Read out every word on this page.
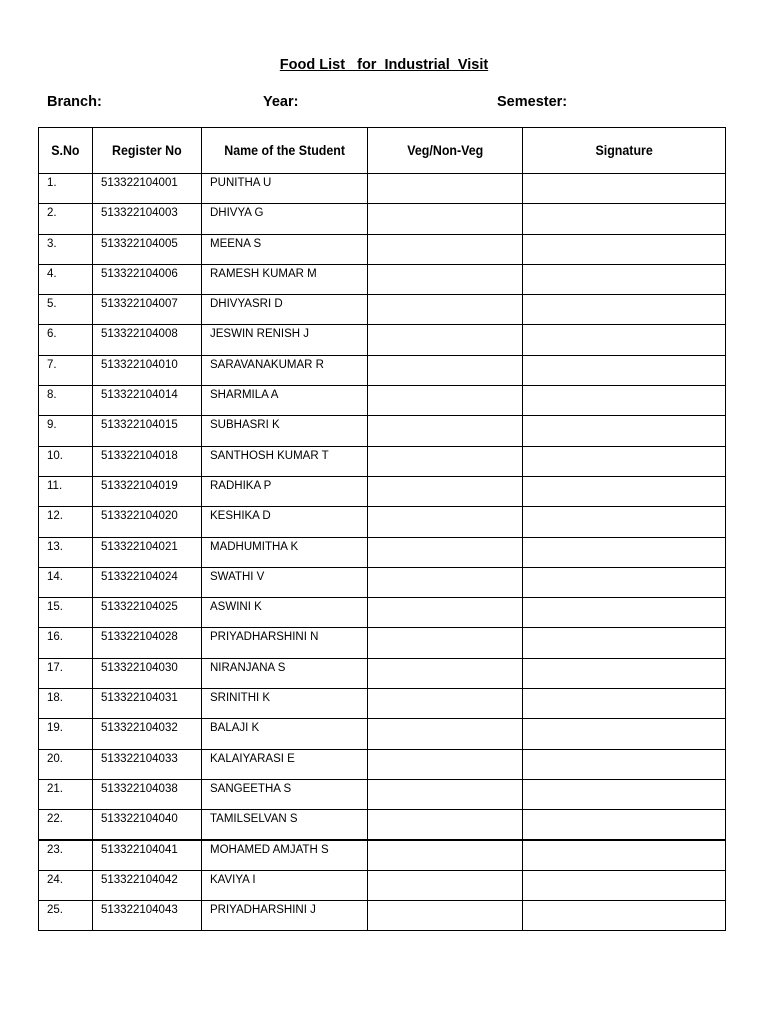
Food List   for  Industrial  Visit
Branch:	Year:	Semester:
S.No	Register No	Name of the Student	Veg/Non-Veg	Signature
1.	513322104001	PUNITHA U		
2.	513322104003	DHIVYA G		
3.	513322104005	MEENA S		
4.	513322104006	RAMESH KUMAR M		
5.	513322104007	DHIVYASRI D		
6.	513322104008	JESWIN RENISH J		
7.	513322104010	SARAVANAKUMAR R		
8.	513322104014	SHARMILA A		
9.	513322104015	SUBHASRI K		
10.	513322104018	SANTHOSH KUMAR T		
11.	513322104019	RADHIKA P		
12.	513322104020	KESHIKA D		
13.	513322104021	MADHUMITHA K		
14.	513322104024	SWATHI V		
15.	513322104025	ASWINI K		
16.	513322104028	PRIYADHARSHINI N		
17.	513322104030	NIRANJANA S		
18.	513322104031	SRINITHI K		
19.	513322104032	BALAJI K		
20.	513322104033	KALAIYARASI E		
21.	513322104038	SANGEETHA S		
22.	513322104040	TAMILSELVAN S		
23.	513322104041	MOHAMED AMJATH S		
24.	513322104042	KAVIYA I		
25.	513322104043	PRIYADHARSHINI J		
